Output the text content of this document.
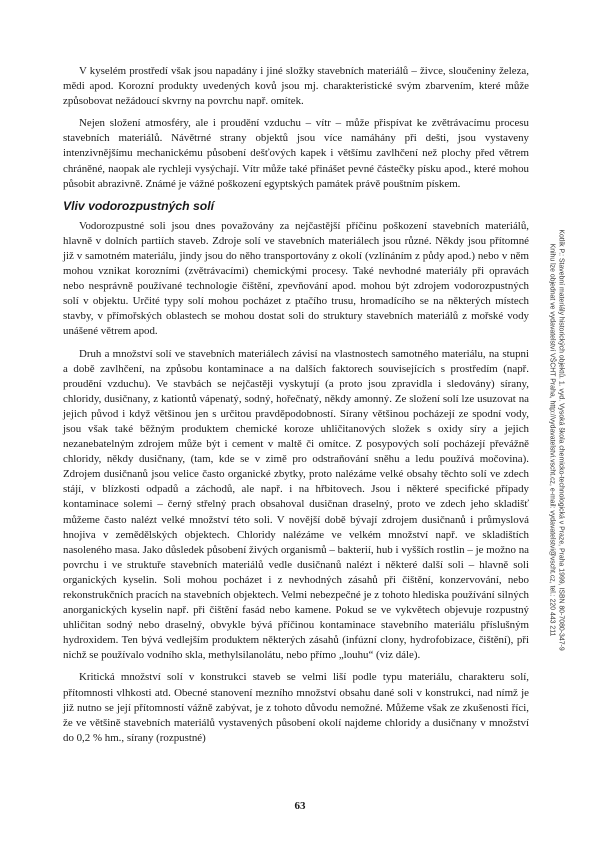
V kyselém prostředí však jsou napadány i jiné složky stavebních materiálů – živce, sloučeniny železa, mědi apod. Korozní produkty uvedených kovů jsou mj. charakteristické svým zbarvením, které může způsobovat nežádoucí skvrny na povrchu např. omítek.

Nejen složení atmosféry, ale i proudění vzduchu – vítr – může přispívat ke zvětrávacímu procesu stavebních materiálů. Návětrné strany objektů jsou více namáhány při dešti, jsou vystaveny intenzivnějšímu mechanickému působení dešťových kapek i většímu zavlhčení než plochy před větrem chráněné, naopak ale rychleji vysýchají. Vítr může také přinášet pevné částečky písku apod., které mohou působit abrazivně. Známé je vážné poškození egyptských památek právě pouštním pískem.

Vliv vodorozpustných solí

Vodorozpustné soli jsou dnes považovány za nejčastější příčinu poškození stavebních materiálů, hlavně v dolních partiích staveb. Zdroje solí ve stavebních materiálech jsou různé. Někdy jsou přítomné již v samotném materiálu, jindy jsou do něho transportovány z okolí (vzlínáním z půdy apod.) nebo v něm mohou vznikat korozními (zvětrávacími) chemickými procesy. Také nevhodné materiály při opravách nebo nesprávně používané technologie čištění, zpevňování apod. mohou být zdrojem vodorozpustných solí v objektu. Určité typy solí mohou pocházet z ptačího trusu, hromadícího se na některých místech stavby, v přímořských oblastech se mohou dostat soli do struktury stavebních materiálů z mořské vody unášené větrem apod.

Druh a množství solí ve stavebních materiálech závisí na vlastnostech samotného materiálu, na stupni a době zavlhčení, na způsobu kontaminace a na dalších faktorech souvisejících s prostředím (např. proudění vzduchu). Ve stavbách se nejčastěji vyskytují (a proto jsou zpravidla i sledovány) sírany, chloridy, dusičnany, z kationtů vápenatý, sodný, hořečnatý, někdy amonný. Ze složení solí lze usuzovat na jejich původ i když většinou jen s určitou pravděpodobností. Sírany většinou pocházejí ze spodní vody, jsou však také běžným produktem chemické koroze uhličitanových složek s oxidy síry a jejich nezanebatelným zdrojem může být i cement v maltě či omítce. Z posypových solí pocházejí převážně chloridy, někdy dusičnany, (tam, kde se v zimě pro odstraňování sněhu a ledu používá močovina). Zdrojem dusičnanů jsou velice často organické zbytky, proto nalézáme velké obsahy těchto solí ve zdech stájí, v blízkosti odpadů a záchodů, ale např. i na hřbitovech. Jsou i některé specifické případy kontaminace solemi – černý střelný prach obsahoval dusičnan draselný, proto ve zdech jeho skladišť můžeme často nalézt velké množství této soli. V novější době bývají zdrojem dusičnanů i průmyslová hnojiva v zemědělských objektech. Chloridy nalézáme ve velkém množství např. ve skladištích nasoleného masa. Jako důsledek působení živých organismů – bakterií, hub i vyšších rostlin – je možno na povrchu i ve struktuře stavebních materiálů vedle dusičnanů nalézt i některé další soli – hlavně soli organických kyselin. Soli mohou pocházet i z nevhodných zásahů při čištění, konzervování, nebo rekonstrukčních pracích na stavebních objektech. Velmi nebezpečné je z tohoto hlediska používání silných anorganických kyselin např. při čištění fasád nebo kamene. Pokud se ve vykvětech objevuje rozpustný uhličitan sodný nebo draselný, obvykle bývá příčinou kontaminace stavebního materiálu příslušným hydroxidem. Ten bývá vedlejším produktem některých zásahů (infúzní clony, hydrofobizace, čištění), při nichž se používalo vodního skla, methylsilanolátu, nebo přímo „louhu“ (viz dále).

Kritická množství solí v konstrukci staveb se velmi liší podle typu materiálu, charakteru solí, přítomnosti vlhkosti atd. Obecné stanovení mezního množství obsahu dané soli v konstrukci, nad nímž je již nutno se její přítomností vážně zabývat, je z tohoto důvodu nemožné. Můžeme však ze zkušenosti říci, že ve většině stavebních materiálů vystavených působení okolí najdeme chloridy a dusičnany v množství do 0,2 % hm., sírany (rozpustné)

Kotlík P.: Stavební materiály historických objektů. 1. vyd. Vysoká škola chemicko-technologická v Praze, Praha 1999, ISBN 80-7080-347-9
Knihu lze objednat ve vydavatelství VŠCHT Praha, http://vydavatelstvi.vscht.cz, e-mail: vydavatelstvi@vscht.cz, tel.: 220 443 211
63
